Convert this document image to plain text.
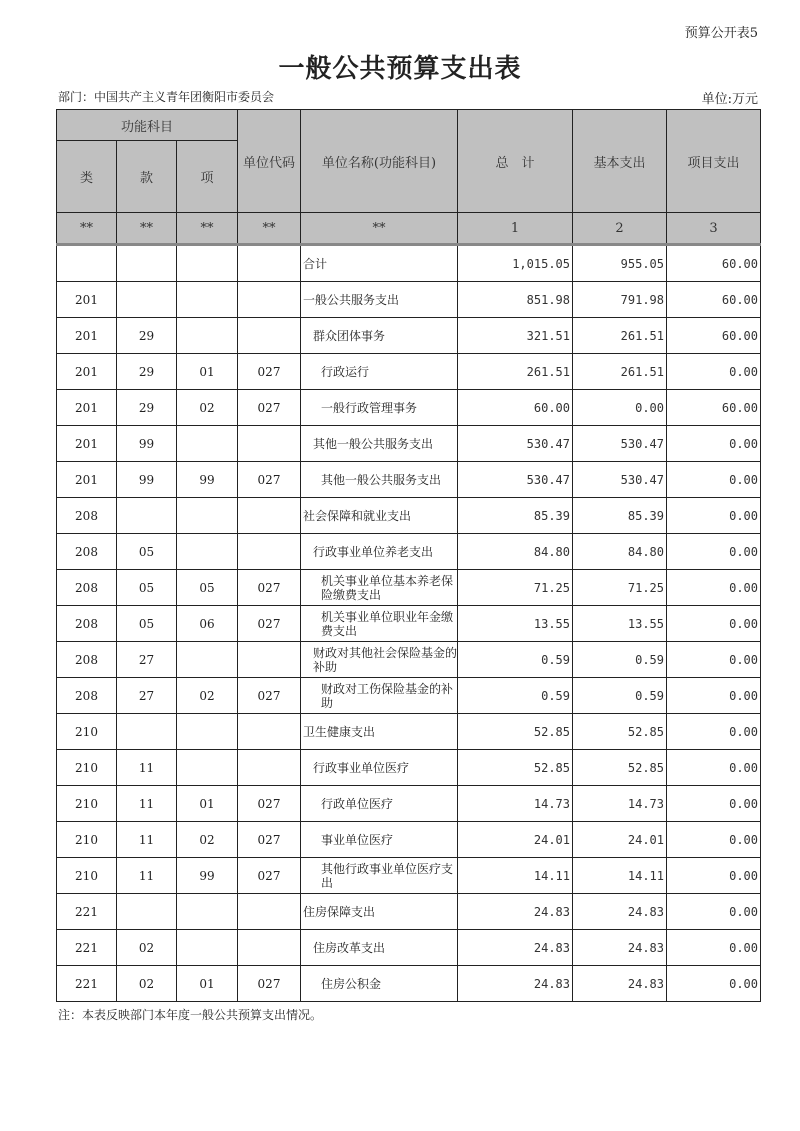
预算公开表5
一般公共预算支出表
部门：中国共产主义青年团衡阳市委员会	单位:万元
功能科目			单位代码	单位名称(功能科目)	总　计	基本支出	项目支出
类	款	项					
**	**	**	**	**	1	2	3
				合计	1,015.05	955.05	60.00
201				一般公共服务支出	851.98	791.98	60.00
201	29			群众团体事务	321.51	261.51	60.00
201	29	01	027	行政运行	261.51	261.51	0.00
201	29	02	027	一般行政管理事务	60.00	0.00	60.00
201	99			其他一般公共服务支出	530.47	530.47	0.00
201	99	99	027	其他一般公共服务支出	530.47	530.47	0.00
208				社会保障和就业支出	85.39	85.39	0.00
208	05			行政事业单位养老支出	84.80	84.80	0.00
208	05	05	027	机关事业单位基本养老保险缴费支出	71.25	71.25	0.00
208	05	06	027	机关事业单位职业年金缴费支出	13.55	13.55	0.00
208	27			财政对其他社会保险基金的补助	0.59	0.59	0.00
208	27	02	027	财政对工伤保险基金的补助	0.59	0.59	0.00
210				卫生健康支出	52.85	52.85	0.00
210	11			行政事业单位医疗	52.85	52.85	0.00
210	11	01	027	行政单位医疗	14.73	14.73	0.00
210	11	02	027	事业单位医疗	24.01	24.01	0.00
210	11	99	027	其他行政事业单位医疗支出	14.11	14.11	0.00
221				住房保障支出	24.83	24.83	0.00
221	02			住房改革支出	24.83	24.83	0.00
221	02	01	027	住房公积金	24.83	24.83	0.00
注：本表反映部门本年度一般公共预算支出情况。
